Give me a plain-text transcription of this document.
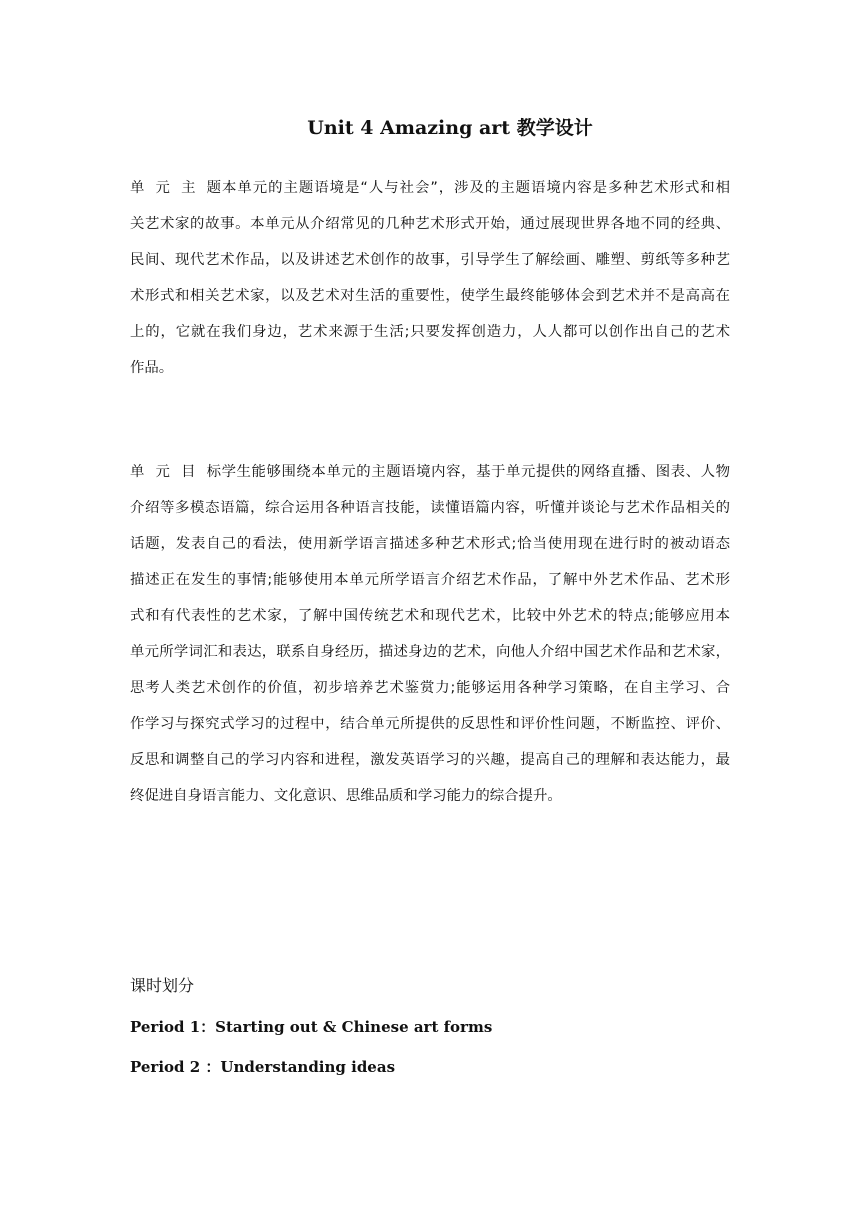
Unit 4 Amazing art 教学设计
单元主题本单元的主题语境是“人与社会”，涉及的主题语境内容是多种艺术形式和相
关艺术家的故事。本单元从介绍常见的几种艺术形式开始，通过展现世界各地不同的经典、
民间、现代艺术作品，以及讲述艺术创作的故事，引导学生了解绘画、雕塑、剪纸等多种艺
术形式和相关艺术家，以及艺术对生活的重要性，使学生最终能够体会到艺术并不是高高在
上的，它就在我们身边，艺术来源于生活;只要发挥创造力，人人都可以创作出自己的艺术
作品。
单元目标学生能够围绕本单元的主题语境内容，基于单元提供的网络直播、图表、人物
介绍等多模态语篇，综合运用各种语言技能，读懂语篇内容，听懂并谈论与艺术作品相关的
话题，发表自己的看法，使用新学语言描述多种艺术形式;恰当使用现在进行时的被动语态
描述正在发生的事情;能够使用本单元所学语言介绍艺术作品，了解中外艺术作品、艺术形
式和有代表性的艺术家，了解中国传统艺术和现代艺术，比较中外艺术的特点;能够应用本
单元所学词汇和表达，联系自身经历，描述身边的艺术，向他人介绍中国艺术作品和艺术家，
思考人类艺术创作的价值，初步培养艺术鉴赏力;能够运用各种学习策略，在自主学习、合
作学习与探究式学习的过程中，结合单元所提供的反思性和评价性问题，不断监控、评价、
反思和调整自己的学习内容和进程，激发英语学习的兴趣，提高自己的理解和表达能力，最
终促进自身语言能力、文化意识、思维品质和学习能力的综合提升。
课时划分
Period 1：Starting out & Chinese art forms
Period 2 ：Understanding ideas
